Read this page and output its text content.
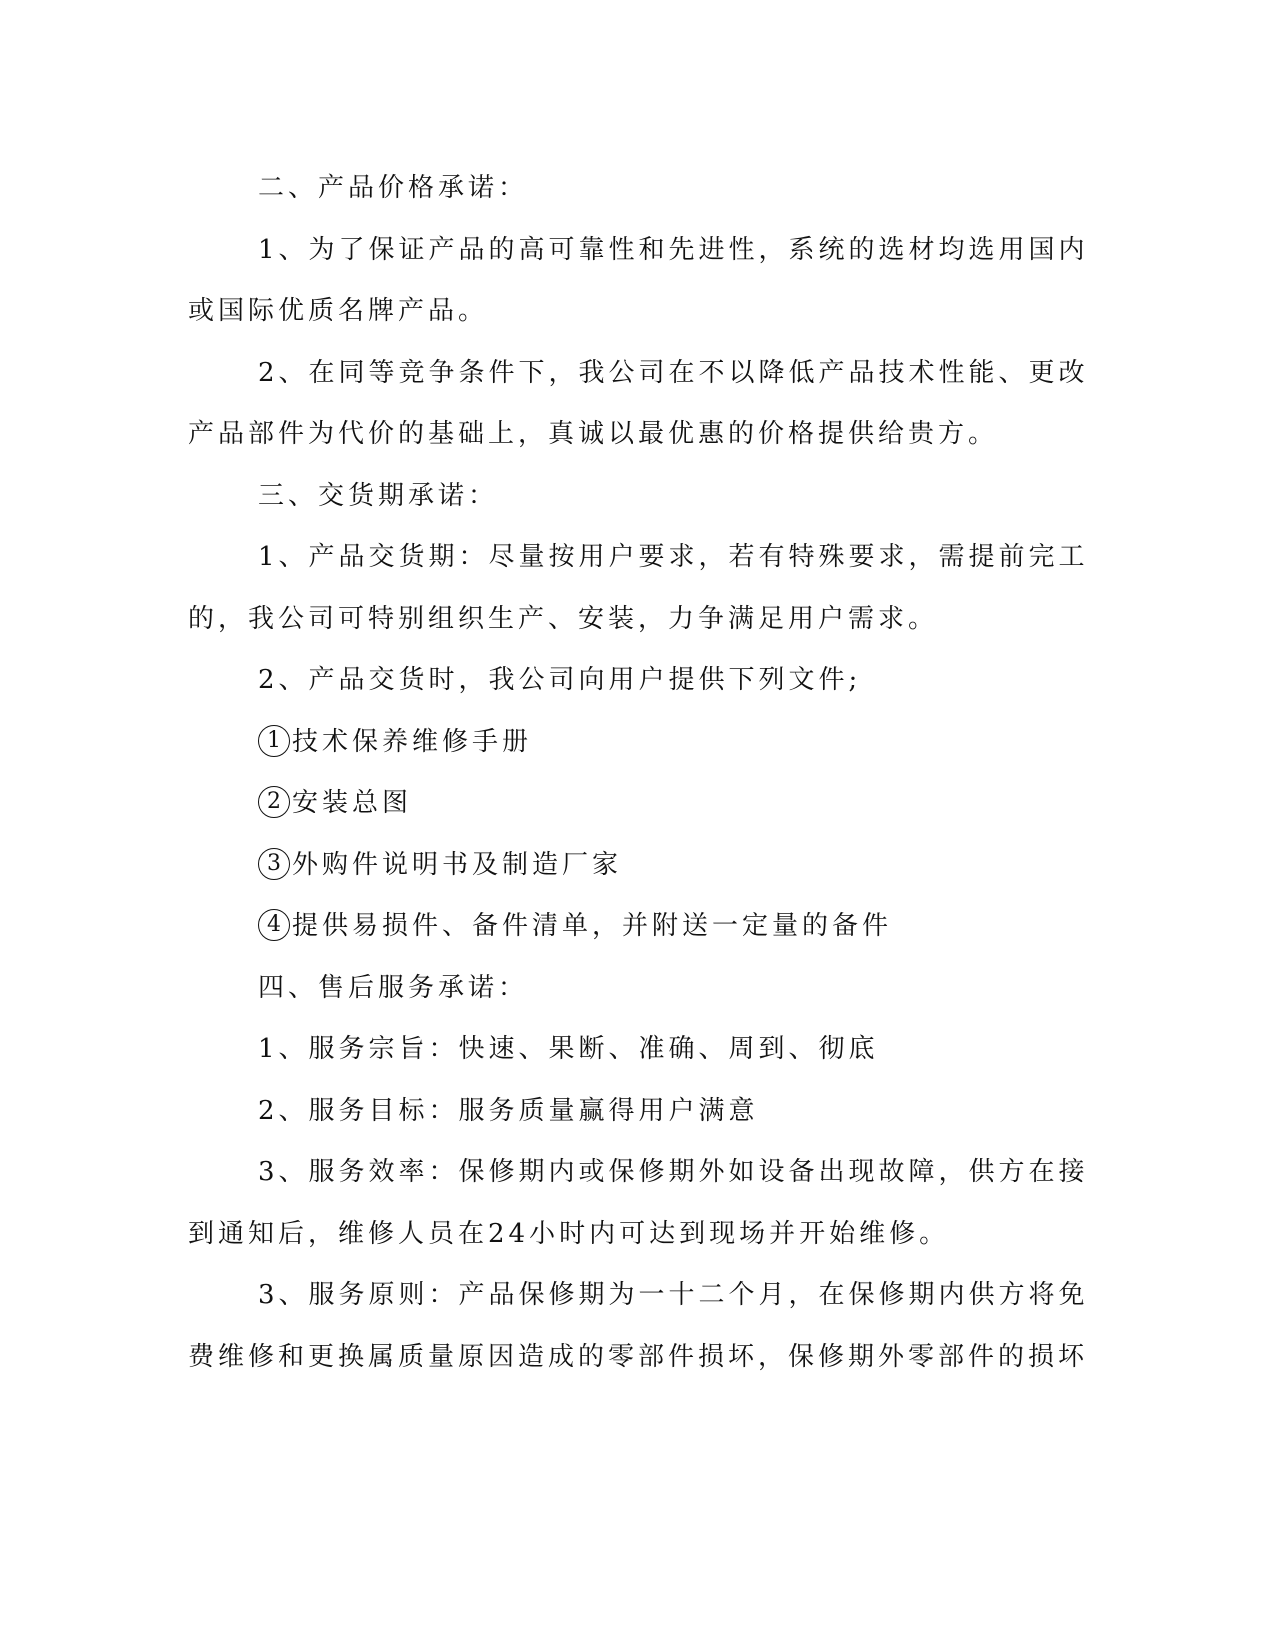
二、产品价格承诺：
1、为了保证产品的高可靠性和先进性，系统的选材均选用国内
或国际优质名牌产品。
2、在同等竞争条件下，我公司在不以降低产品技术性能、更改
产品部件为代价的基础上，真诚以最优惠的价格提供给贵方。
三、交货期承诺：
1、产品交货期：尽量按用户要求，若有特殊要求，需提前完工
的，我公司可特别组织生产、安装，力争满足用户需求。
2、产品交货时，我公司向用户提供下列文件;
1 技术保养维修手册
2 安装总图
3 外购件说明书及制造厂家
4 提供易损件、备件清单，并附送一定量的备件
四、售后服务承诺：
1、服务宗旨：快速、果断、准确、周到、彻底
2、服务目标：服务质量赢得用户满意
3、服务效率：保修期内或保修期外如设备出现故障，供方在接
到通知后，维修人员在24小时内可达到现场并开始维修。
3、服务原则：产品保修期为一十二个月，在保修期内供方将免
费维修和更换属质量原因造成的零部件损坏，保修期外零部件的损坏
